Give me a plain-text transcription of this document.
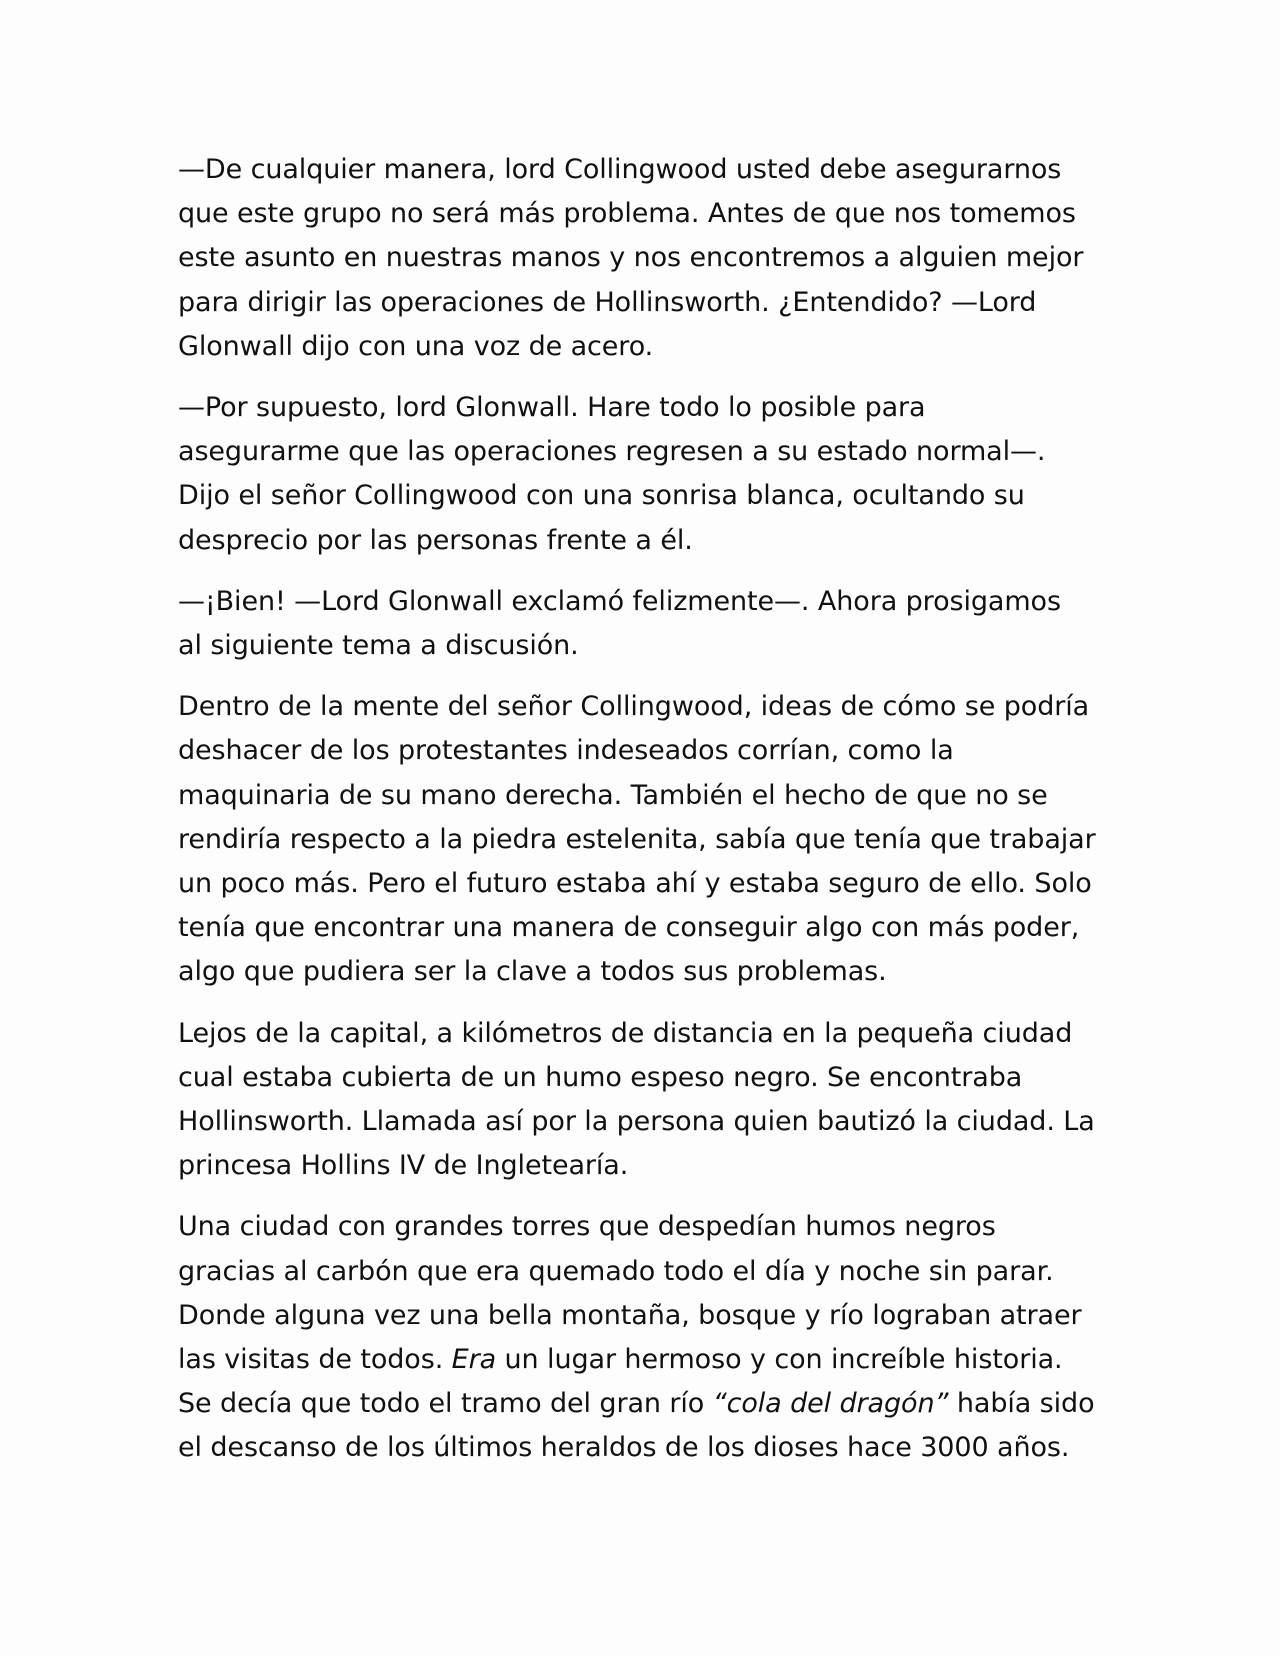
—De cualquier manera, lord Collingwood usted debe asegurarnos
que este grupo no será más problema. Antes de que nos tomemos
este asunto en nuestras manos y nos encontremos a alguien mejor
para dirigir las operaciones de Hollinsworth. ¿Entendido? —Lord
Glonwall dijo con una voz de acero.

—Por supuesto, lord Glonwall. Hare todo lo posible para
asegurarme que las operaciones regresen a su estado normal—.
Dijo el señor Collingwood con una sonrisa blanca, ocultando su
desprecio por las personas frente a él.

—¡Bien! —Lord Glonwall exclamó felizmente—. Ahora prosigamos
al siguiente tema a discusión.

Dentro de la mente del señor Collingwood, ideas de cómo se podría
deshacer de los protestantes indeseados corrían, como la
maquinaria de su mano derecha. También el hecho de que no se
rendiría respecto a la piedra estelenita, sabía que tenía que trabajar
un poco más. Pero el futuro estaba ahí y estaba seguro de ello. Solo
tenía que encontrar una manera de conseguir algo con más poder,
algo que pudiera ser la clave a todos sus problemas.

Lejos de la capital, a kilómetros de distancia en la pequeña ciudad
cual estaba cubierta de un humo espeso negro. Se encontraba
Hollinsworth. Llamada así por la persona quien bautizó la ciudad. La
princesa Hollins IV de Ingletearía.

Una ciudad con grandes torres que despedían humos negros
gracias al carbón que era quemado todo el día y noche sin parar.
Donde alguna vez una bella montaña, bosque y río lograban atraer
las visitas de todos. Era un lugar hermoso y con increíble historia.
Se decía que todo el tramo del gran río “cola del dragón” había sido
el descanso de los últimos heraldos de los dioses hace 3000 años.
